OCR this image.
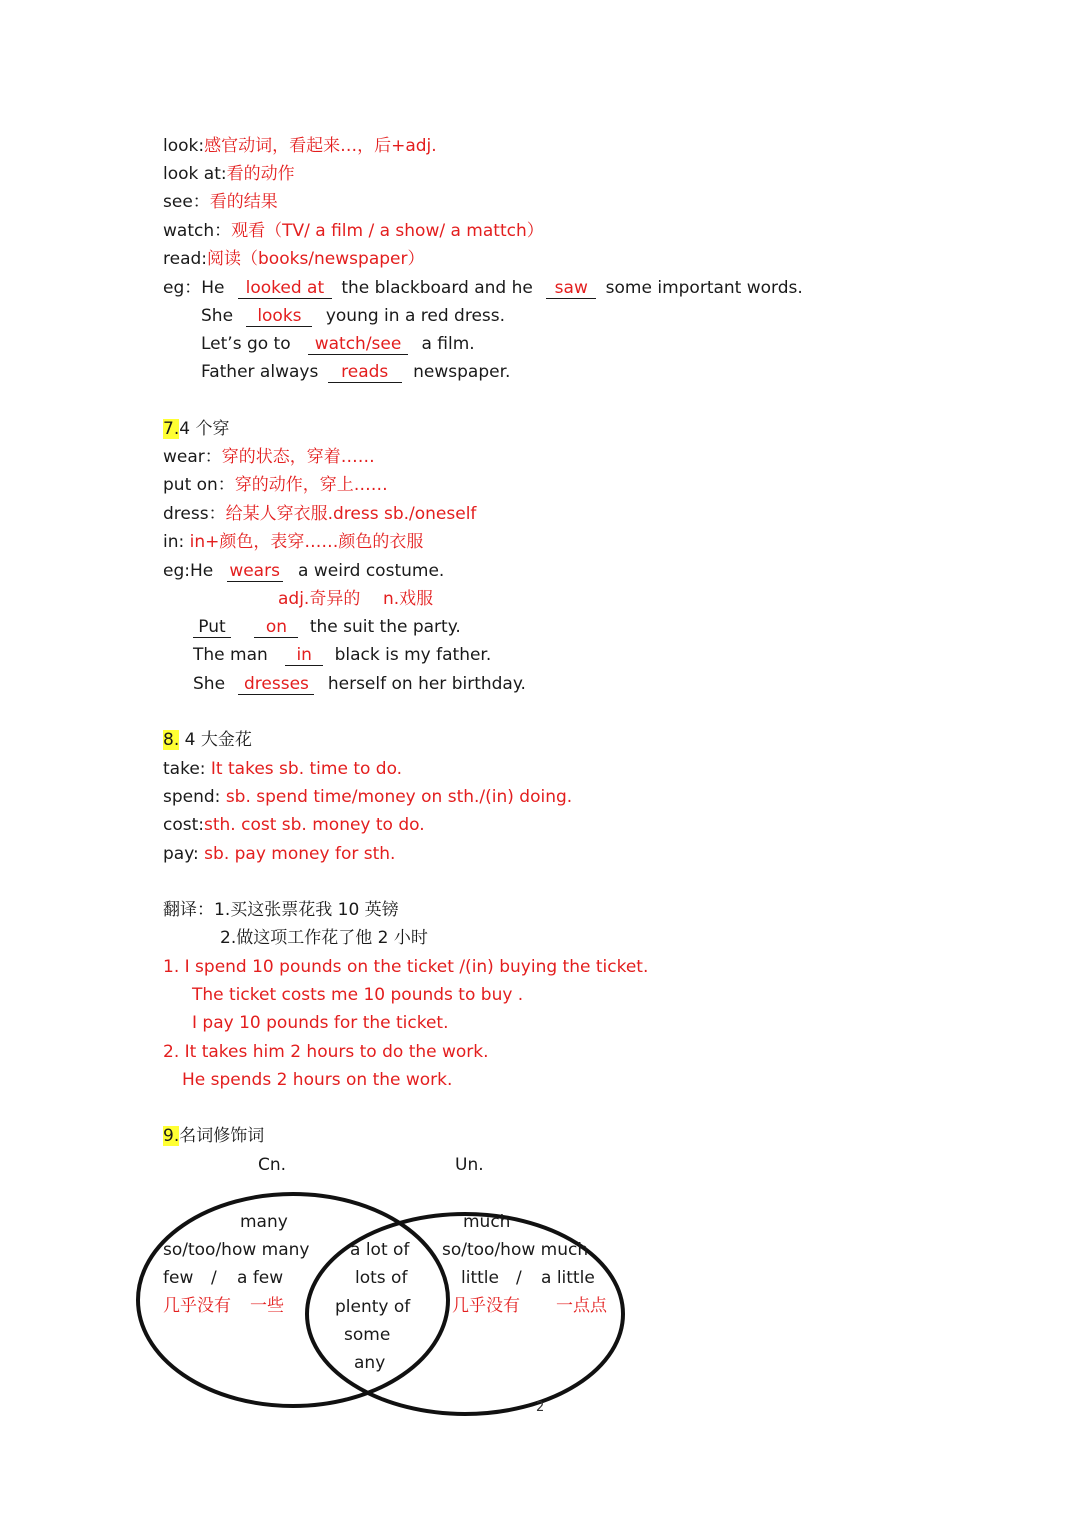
look:感官动词，看起来…，后+adj.
look at:看的动作
see：看的结果
watch：观看（TV/ a film / a show/ a mattch）
read:阅读（books/newspaper）
eg：He looked at the blackboard and he saw some important words.
She looks young in a red dress.
Let’s go to watch/see a film.
Father always reads newspaper.
7.4 个穿
wear：穿的状态，穿着……
put on：穿的动作，穿上……
dress：给某人穿衣服.dress sb./oneself
in: in+颜色，表穿……颜色的衣服
eg:He wears a weird costume.
adj.奇异的 n.戏服
Put on the suit the party.
The man in black is my father.
She dresses herself on her birthday.
8. 4 大金花
take: It takes sb. time to do.
spend: sb. spend time/money on sth./(in) doing.
cost:sth. cost sb. money to do.
pay: sb. pay money for sth.
翻译：1.买这张票花我 10 英镑
2.做这项工作花了他 2 小时
1. I spend 10 pounds on the ticket /(in) buying the ticket.
The ticket costs me 10 pounds to buy .
I pay 10 pounds for the ticket.
2. It takes him 2 hours to do the work.
He spends 2 hours on the work.
9.名词修饰词
Cn.	Un.
many
so/too/how many
few / a few
几乎没有 一些
a lot of
lots of
plenty of
some
any
much
so/too/how much
little / a little
几乎没有 一点点
2
